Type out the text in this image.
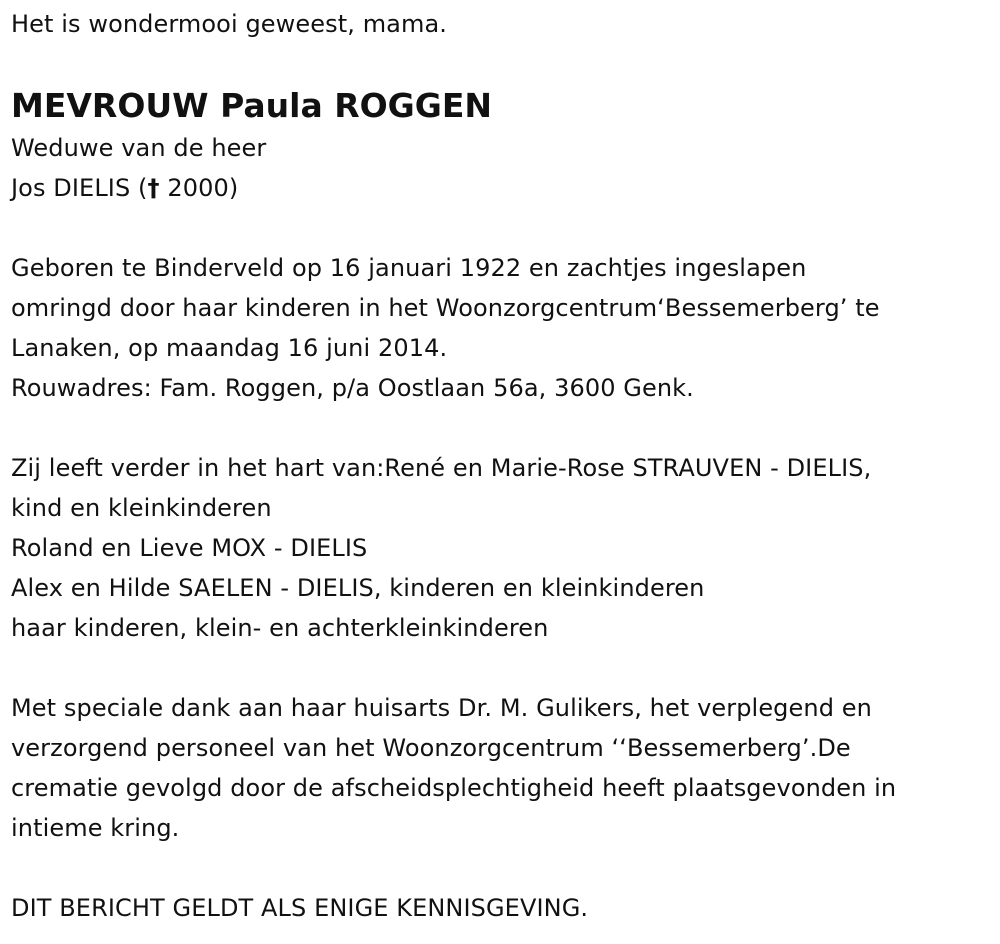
Het is wondermooi geweest, mama.
MEVROUW Paula ROGGEN
Weduwe van de heer
Jos DIELIS († 2000)
Geboren te Binderveld op 16 januari 1922 en zachtjes ingeslapen
omringd door haar kinderen in het Woonzorgcentrum‘Bessemerberg’ te
Lanaken, op maandag 16 juni 2014.
Rouwadres: Fam. Roggen, p/a Oostlaan 56a, 3600 Genk.
Zij leeft verder in het hart van:René en Marie-Rose STRAUVEN - DIELIS,
kind en kleinkinderen
Roland en Lieve MOX - DIELIS
Alex en Hilde SAELEN - DIELIS, kinderen en kleinkinderen
haar kinderen, klein- en achterkleinkinderen
Met speciale dank aan haar huisarts Dr. M. Gulikers, het verplegend en
verzorgend personeel van het Woonzorgcentrum ‘‘Bessemerberg’.De
crematie gevolgd door de afscheidsplechtigheid heeft plaatsgevonden in
intieme kring.
DIT BERICHT GELDT ALS ENIGE KENNISGEVING.
